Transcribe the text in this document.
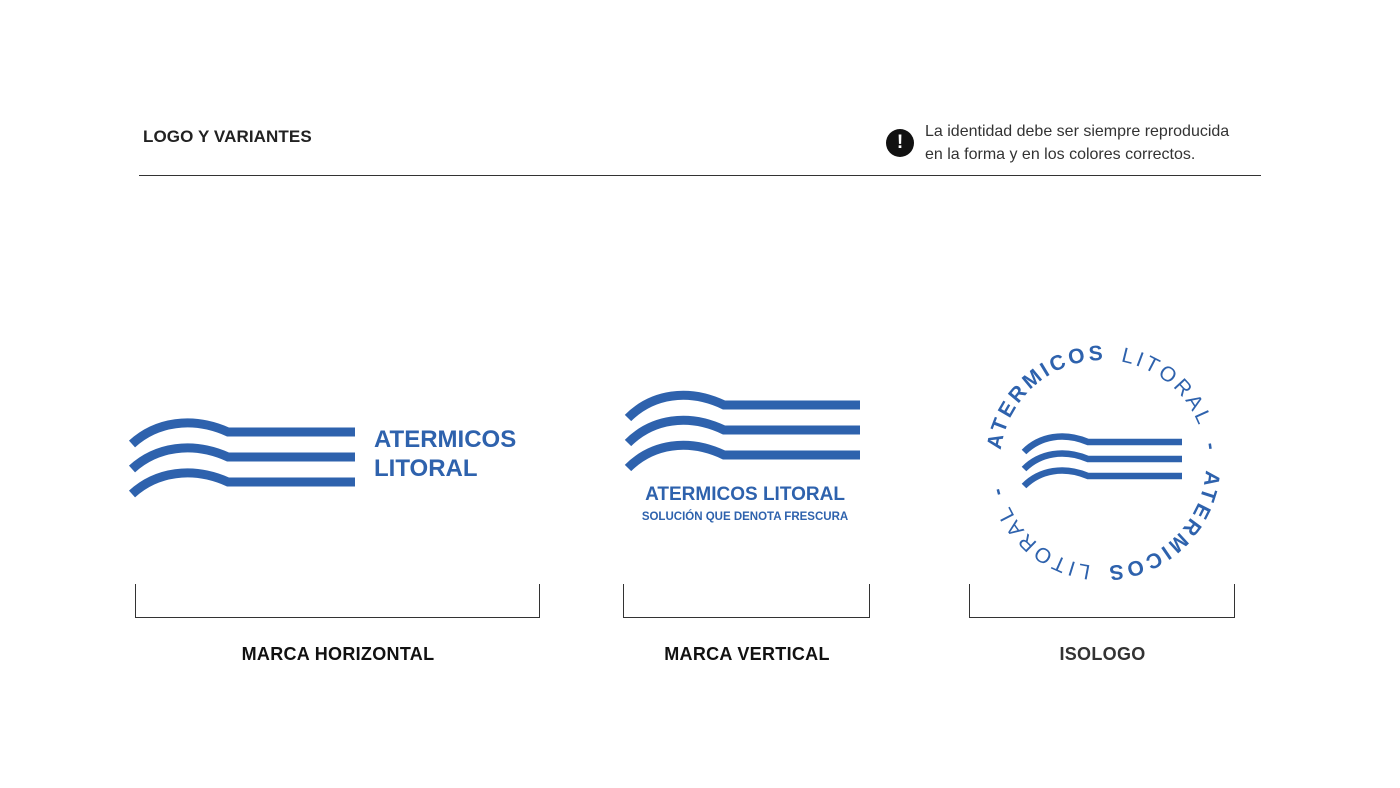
LOGO Y VARIANTES	!
La identidad debe ser siempre reproducida
en la forma y en los colores correctos.
ATERMICOS
LITORAL
ATERMICOS LITORAL
SOLUCIÓN QUE DENOTA FRESCURA
ATERMICOS LITORAL - ATERMICOS LITORAL -
MARCA HORIZONTAL	MARCA VERTICAL	ISOLOGO
